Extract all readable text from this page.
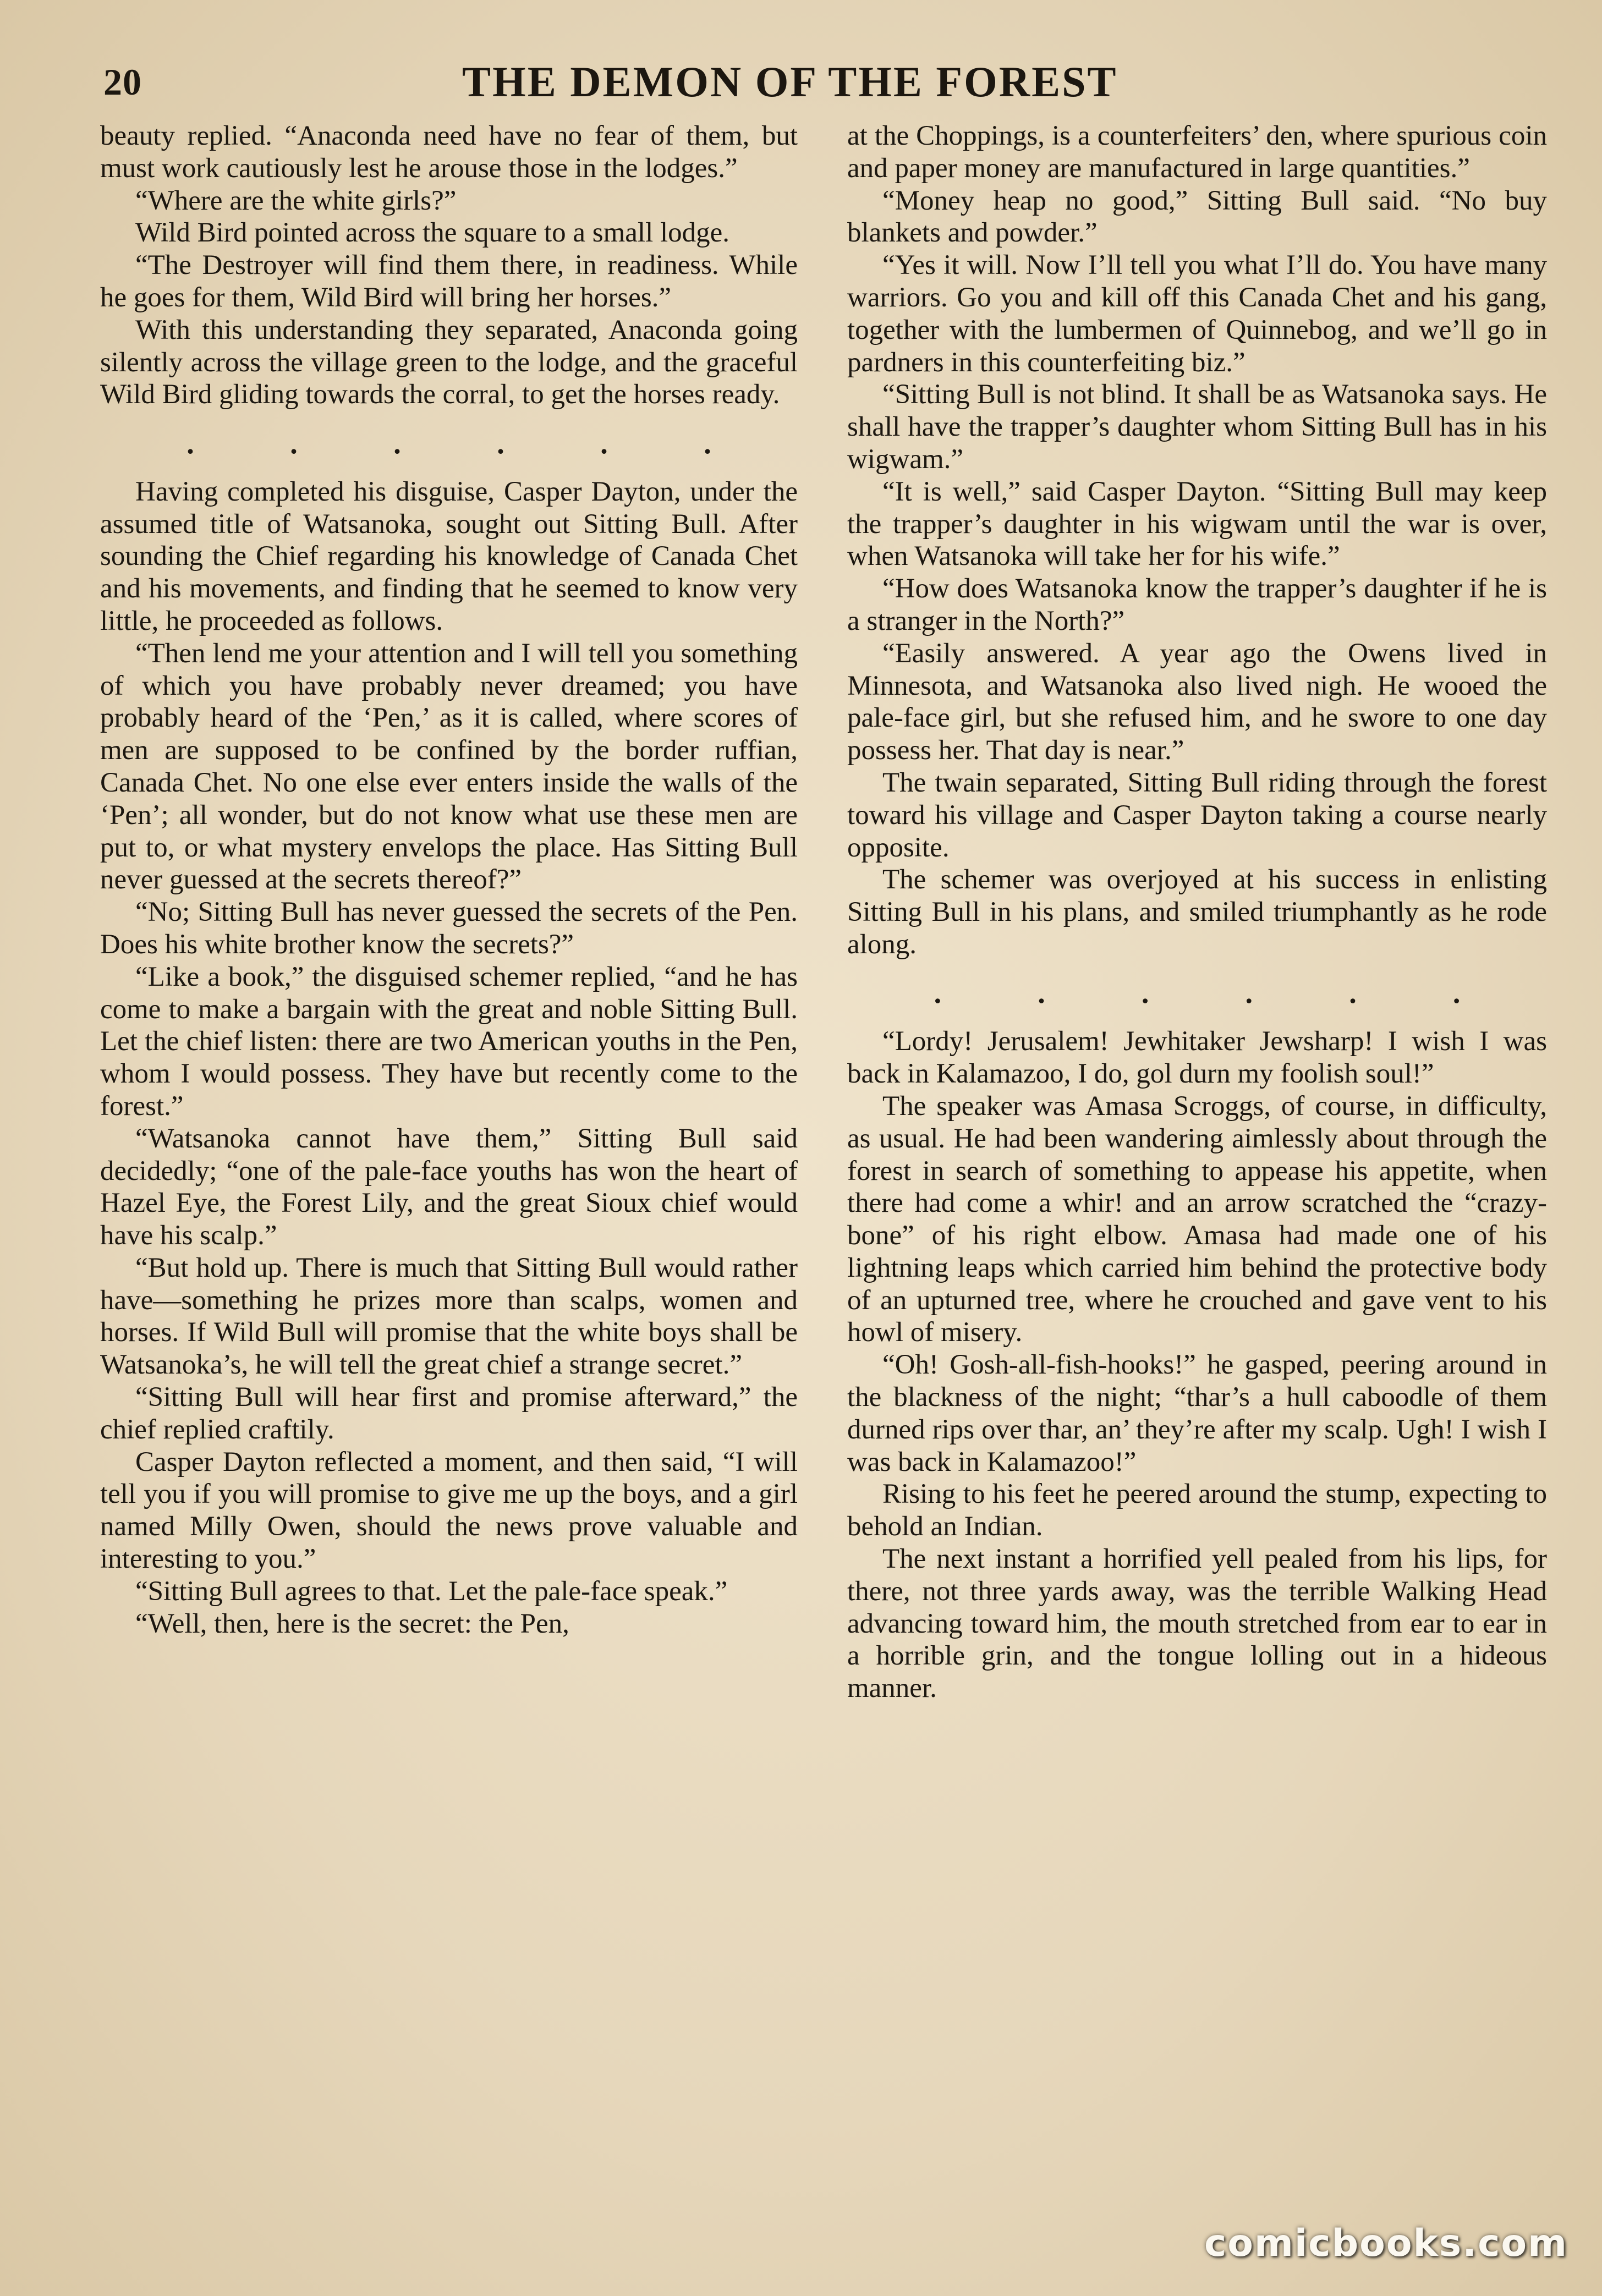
20	THE DEMON OF THE FOREST

beauty replied. “Anaconda need have no fear of them, but must work cautiously lest he arouse those in the lodges.”

“Where are the white girls?”

Wild Bird pointed across the square to a small lodge.

“The Destroyer will find them there, in readiness. While he goes for them, Wild Bird will bring her horses.”

With this understanding they separated, Anaconda going silently across the village green to the lodge, and the graceful Wild Bird gliding towards the corral, to get the horses ready.

.	.	.	.	.	.

Having completed his disguise, Casper Dayton, under the assumed title of Watsanoka, sought out Sitting Bull. After sounding the Chief regarding his knowledge of Canada Chet and his movements, and finding that he seemed to know very little, he proceeded as follows.

“Then lend me your attention and I will tell you something of which you have probably never dreamed; you have probably heard of the ‘Pen,’ as it is called, where scores of men are supposed to be confined by the border ruffian, Canada Chet. No one else ever enters inside the walls of the ‘Pen’; all wonder, but do not know what use these men are put to, or what mystery envelops the place. Has Sitting Bull never guessed at the secrets thereof?”

“No; Sitting Bull has never guessed the secrets of the Pen. Does his white brother know the secrets?”

“Like a book,” the disguised schemer replied, “and he has come to make a bargain with the great and noble Sitting Bull. Let the chief listen: there are two American youths in the Pen, whom I would possess. They have but recently come to the forest.”

“Watsanoka cannot have them,” Sitting Bull said decidedly; “one of the pale-face youths has won the heart of Hazel Eye, the Forest Lily, and the great Sioux chief would have his scalp.”

“But hold up. There is much that Sitting Bull would rather have—something he prizes more than scalps, women and horses. If Wild Bull will promise that the white boys shall be Watsanoka’s, he will tell the great chief a strange secret.”

“Sitting Bull will hear first and promise afterward,” the chief replied craftily.

Casper Dayton reflected a moment, and then said, “I will tell you if you will promise to give me up the boys, and a girl named Milly Owen, should the news prove valuable and interesting to you.”

“Sitting Bull agrees to that. Let the pale-face speak.”

“Well, then, here is the secret: the Pen,

at the Choppings, is a counterfeiters’ den, where spurious coin and paper money are manufactured in large quantities.”

“Money heap no good,” Sitting Bull said. “No buy blankets and powder.”

“Yes it will. Now I’ll tell you what I’ll do. You have many warriors. Go you and kill off this Canada Chet and his gang, together with the lumbermen of Quinnebog, and we’ll go in pardners in this counterfeiting biz.”

“Sitting Bull is not blind. It shall be as Watsanoka says. He shall have the trapper’s daughter whom Sitting Bull has in his wigwam.”

“It is well,” said Casper Dayton. “Sitting Bull may keep the trapper’s daughter in his wigwam until the war is over, when Watsanoka will take her for his wife.”

“How does Watsanoka know the trapper’s daughter if he is a stranger in the North?”

“Easily answered. A year ago the Owens lived in Minnesota, and Watsanoka also lived nigh. He wooed the pale-face girl, but she refused him, and he swore to one day possess her. That day is near.”

The twain separated, Sitting Bull riding through the forest toward his village and Casper Dayton taking a course nearly opposite.

The schemer was overjoyed at his success in enlisting Sitting Bull in his plans, and smiled triumphantly as he rode along.

.	.	.	.	.	.

“Lordy! Jerusalem! Jewhitaker Jewsharp! I wish I was back in Kalamazoo, I do, gol durn my foolish soul!”

The speaker was Amasa Scroggs, of course, in difficulty, as usual. He had been wandering aimlessly about through the forest in search of something to appease his appetite, when there had come a whir! and an arrow scratched the “crazy-bone” of his right elbow. Amasa had made one of his lightning leaps which carried him behind the protective body of an upturned tree, where he crouched and gave vent to his howl of misery.

“Oh! Gosh-all-fish-hooks!” he gasped, peering around in the blackness of the night; “thar’s a hull caboodle of them durned rips over thar, an’ they’re after my scalp. Ugh! I wish I was back in Kalamazoo!”

Rising to his feet he peered around the stump, expecting to behold an Indian.

The next instant a horrified yell pealed from his lips, for there, not three yards away, was the terrible Walking Head advancing toward him, the mouth stretched from ear to ear in a horrible grin, and the tongue lolling out in a hideous manner.

comicbooks.com
